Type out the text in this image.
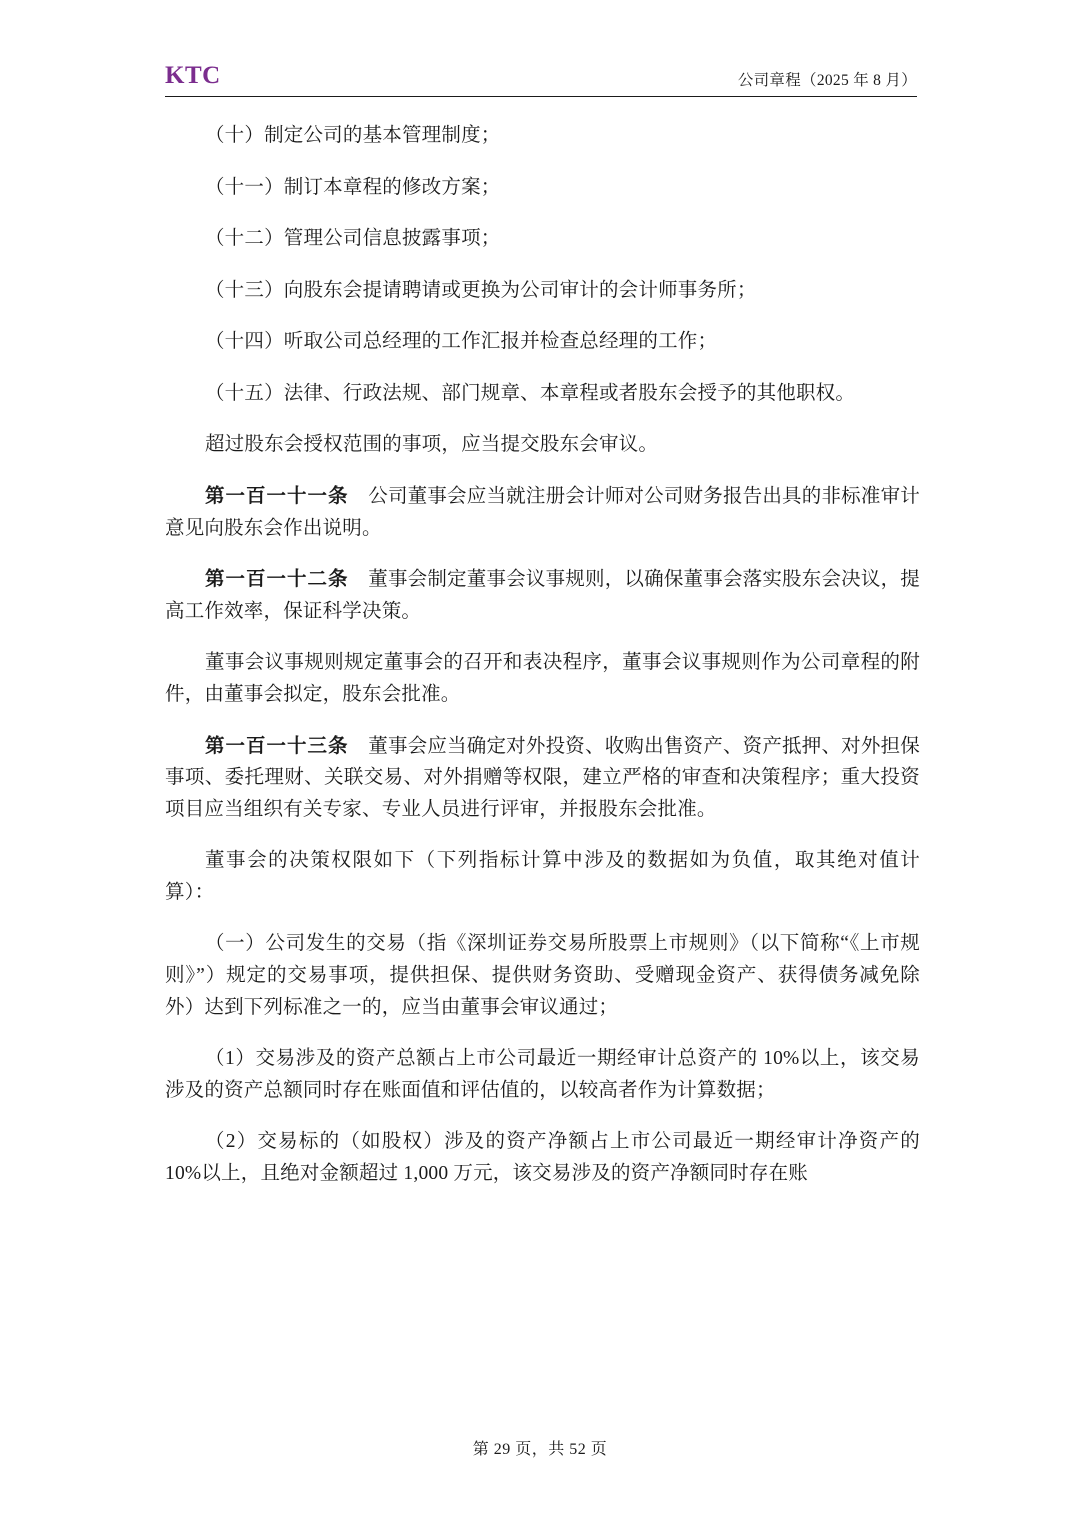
KTC	公司章程（2025 年 8 月）

（十）制定公司的基本管理制度；

（十一）制订本章程的修改方案；

（十二）管理公司信息披露事项；

（十三）向股东会提请聘请或更换为公司审计的会计师事务所；

（十四）听取公司总经理的工作汇报并检查总经理的工作；

（十五）法律、行政法规、部门规章、本章程或者股东会授予的其他职权。

超过股东会授权范围的事项，应当提交股东会审议。

第一百一十一条　 公司董事会应当就注册会计师对公司财务报告出具的非标准审计意见向股东会作出说明。

第一百一十二条　 董事会制定董事会议事规则，以确保董事会落实股东会决议，提高工作效率，保证科学决策。

董事会议事规则规定董事会的召开和表决程序，董事会议事规则作为公司章程的附件，由董事会拟定，股东会批准。

第一百一十三条　 董事会应当确定对外投资、收购出售资产、资产抵押、对外担保事项、委托理财、关联交易、对外捐赠等权限，建立严格的审查和决策程序；重大投资项目应当组织有关专家、专业人员进行评审，并报股东会批准。

董事会的决策权限如下（下列指标计算中涉及的数据如为负值，取其绝对值计算）：

（一）公司发生的交易（指《深圳证券交易所股票上市规则》（以下简称“《上市规则》”）规定的交易事项，提供担保、提供财务资助、受赠现金资产、获得债务减免除外）达到下列标准之一的，应当由董事会审议通过；

（1）交易涉及的资产总额占上市公司最近一期经审计总资产的 10%以上，该交易涉及的资产总额同时存在账面值和评估值的，以较高者作为计算数据；

（2）交易标的（如股权）涉及的资产净额占上市公司最近一期经审计净资产的 10%以上，且绝对金额超过 1,000 万元，该交易涉及的资产净额同时存在账

第 29 页，共 52 页
